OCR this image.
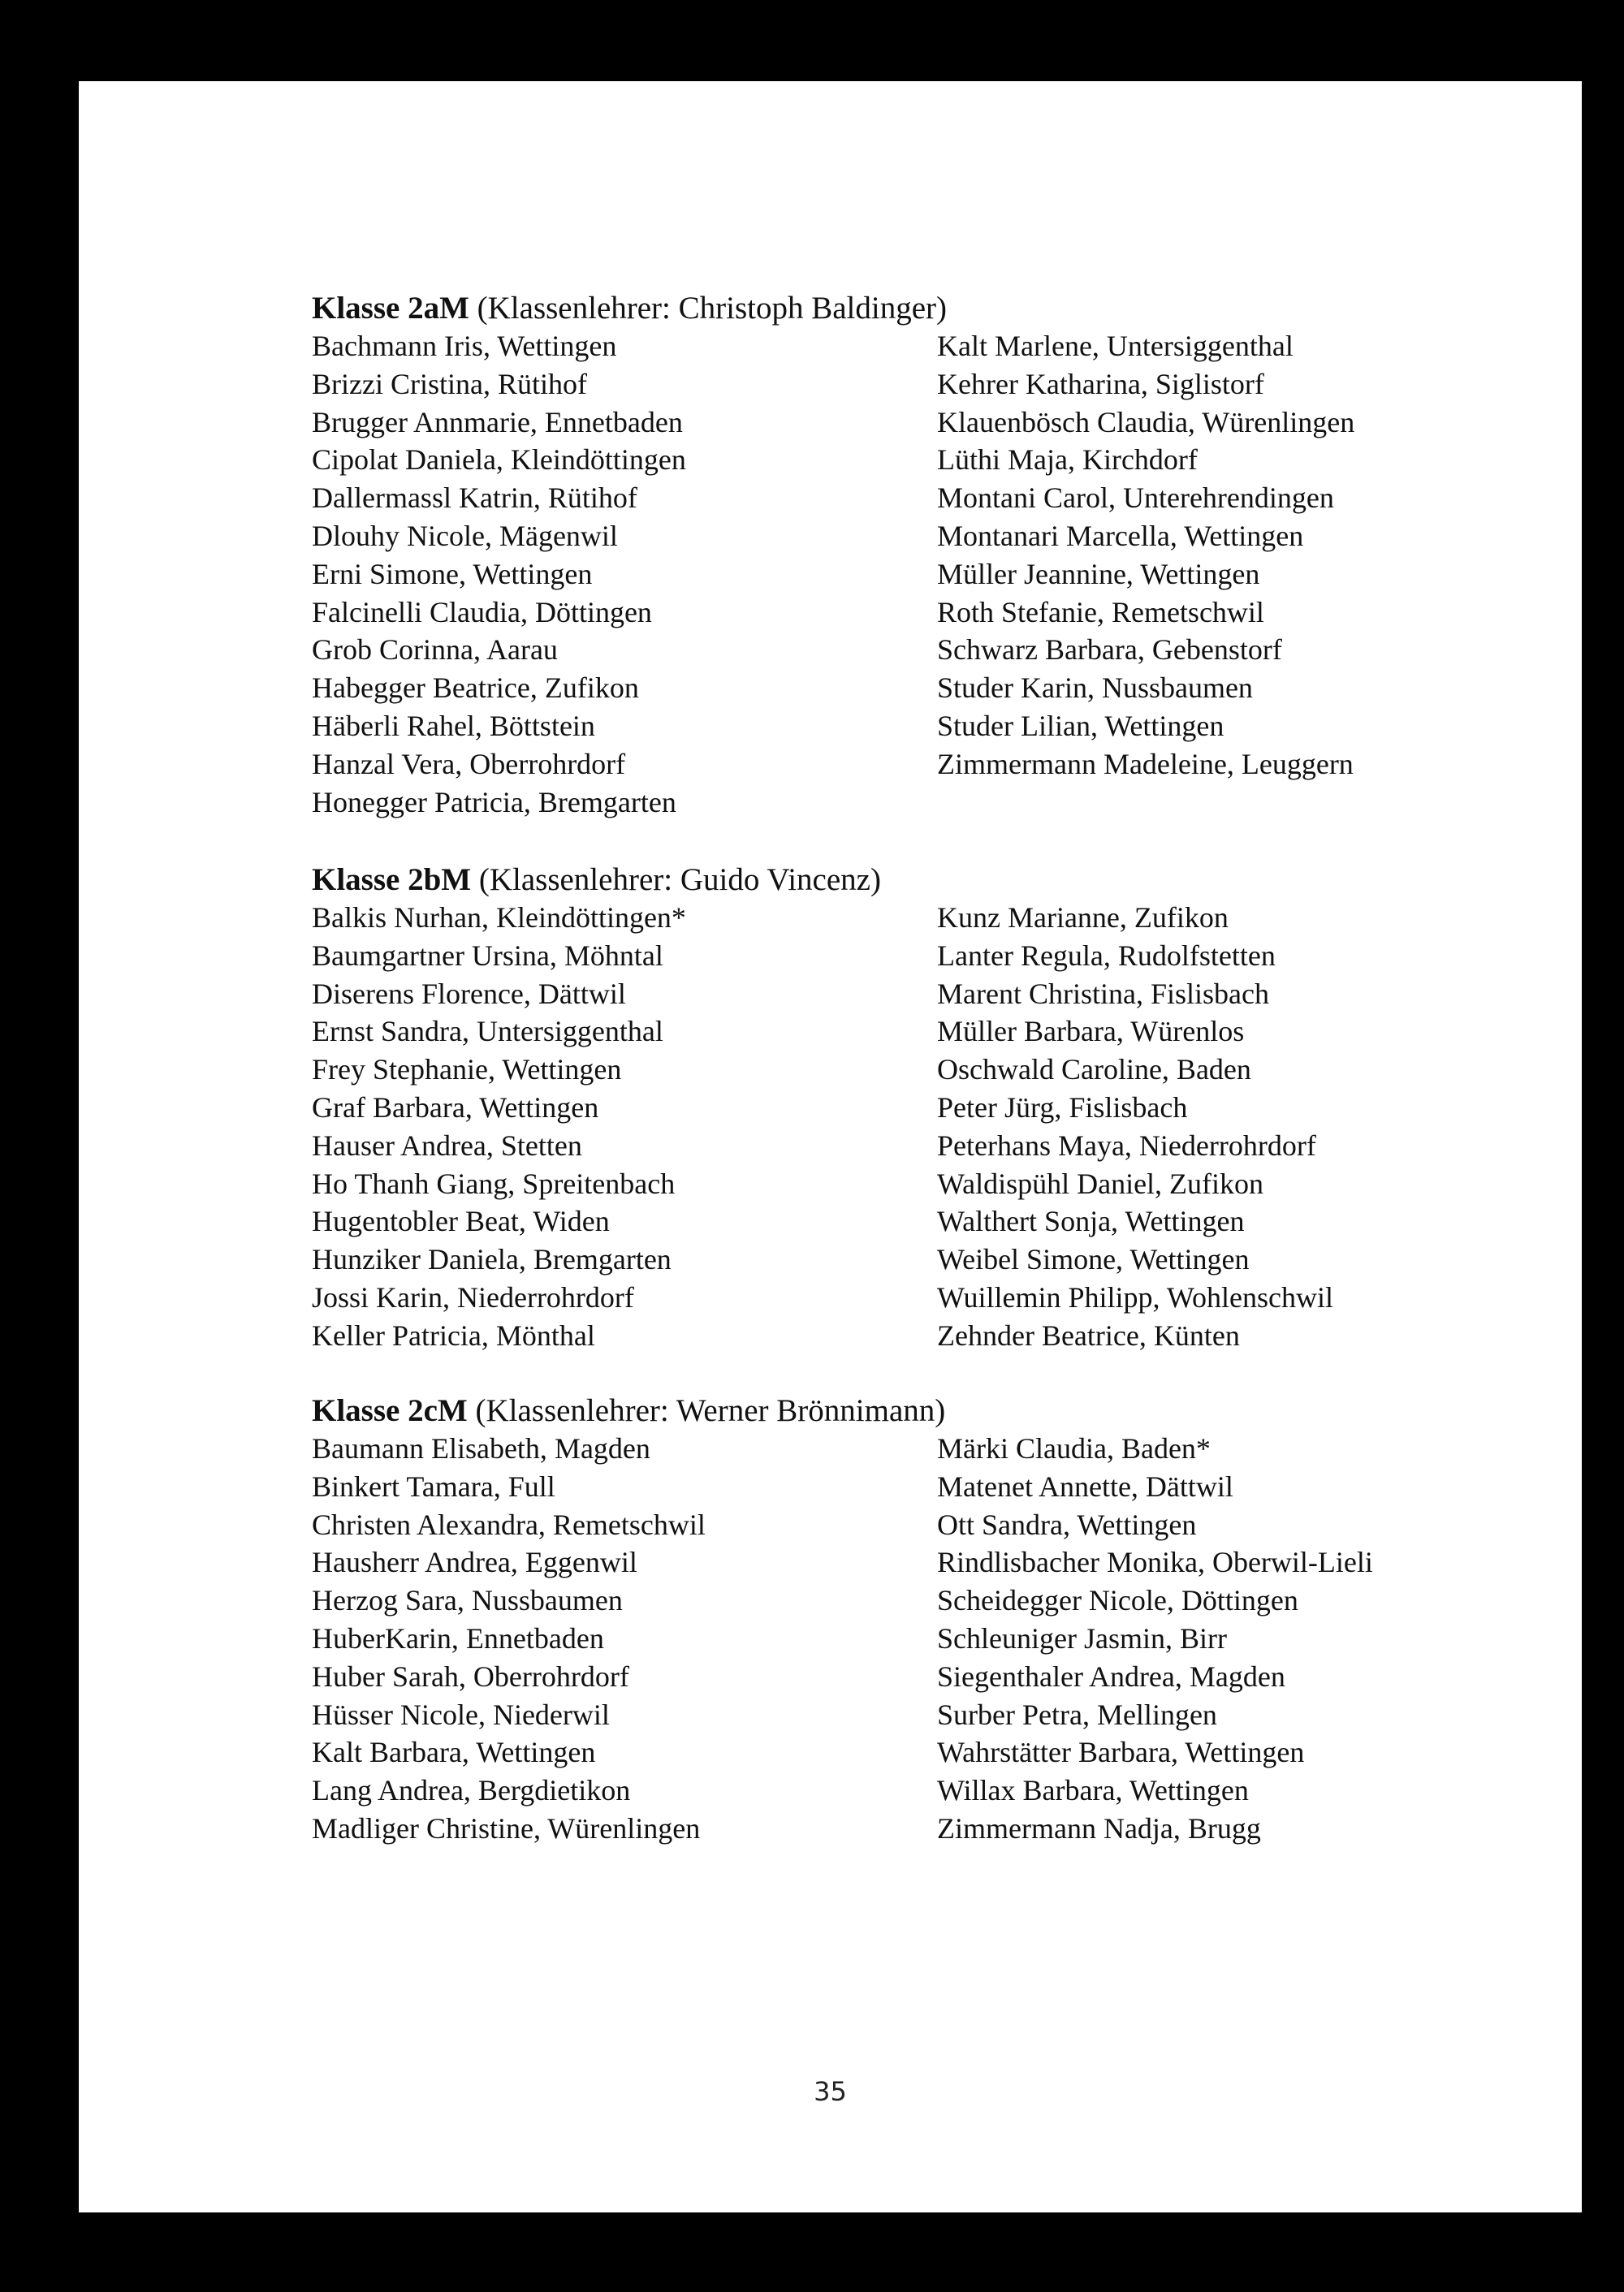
Klasse 2aM (Klassenlehrer: Christoph Baldinger)
Bachmann Iris, Wettingen
Brizzi Cristina, Rütihof
Brugger Annmarie, Ennetbaden
Cipolat Daniela, Kleindöttingen
Dallermassl Katrin, Rütihof
Dlouhy Nicole, Mägenwil
Erni Simone, Wettingen
Falcinelli Claudia, Döttingen
Grob Corinna, Aarau
Habegger Beatrice, Zufikon
Häberli Rahel, Böttstein
Hanzal Vera, Oberrohrdorf
Honegger Patricia, Bremgarten
Kalt Marlene, Untersiggenthal
Kehrer Katharina, Siglistorf
Klauenbösch Claudia, Würenlingen
Lüthi Maja, Kirchdorf
Montani Carol, Unterehrendingen
Montanari Marcella, Wettingen
Müller Jeannine, Wettingen
Roth Stefanie, Remetschwil
Schwarz Barbara, Gebenstorf
Studer Karin, Nussbaumen
Studer Lilian, Wettingen
Zimmermann Madeleine, Leuggern
Klasse 2bM (Klassenlehrer: Guido Vincenz)
Balkis Nurhan, Kleindöttingen*
Baumgartner Ursina, Möhntal
Diserens Florence, Dättwil
Ernst Sandra, Untersiggenthal
Frey Stephanie, Wettingen
Graf Barbara, Wettingen
Hauser Andrea, Stetten
Ho Thanh Giang, Spreitenbach
Hugentobler Beat, Widen
Hunziker Daniela, Bremgarten
Jossi Karin, Niederrohrdorf
Keller Patricia, Mönthal
Kunz Marianne, Zufikon
Lanter Regula, Rudolfstetten
Marent Christina, Fislisbach
Müller Barbara, Würenlos
Oschwald Caroline, Baden
Peter Jürg, Fislisbach
Peterhans Maya, Niederrohrdorf
Waldispühl Daniel, Zufikon
Walthert Sonja, Wettingen
Weibel Simone, Wettingen
Wuillemin Philipp, Wohlenschwil
Zehnder Beatrice, Künten
Klasse 2cM (Klassenlehrer: Werner Brönnimann)
Baumann Elisabeth, Magden
Binkert Tamara, Full
Christen Alexandra, Remetschwil
Hausherr Andrea, Eggenwil
Herzog Sara, Nussbaumen
HuberKarin, Ennetbaden
Huber Sarah, Oberrohrdorf
Hüsser Nicole, Niederwil
Kalt Barbara, Wettingen
Lang Andrea, Bergdietikon
Madliger Christine, Würenlingen
Märki Claudia, Baden*
Matenet Annette, Dättwil
Ott Sandra, Wettingen
Rindlisbacher Monika, Oberwil-Lieli
Scheidegger Nicole, Döttingen
Schleuniger Jasmin, Birr
Siegenthaler Andrea, Magden
Surber Petra, Mellingen
Wahrstätter Barbara, Wettingen
Willax Barbara, Wettingen
Zimmermann Nadja, Brugg
35
